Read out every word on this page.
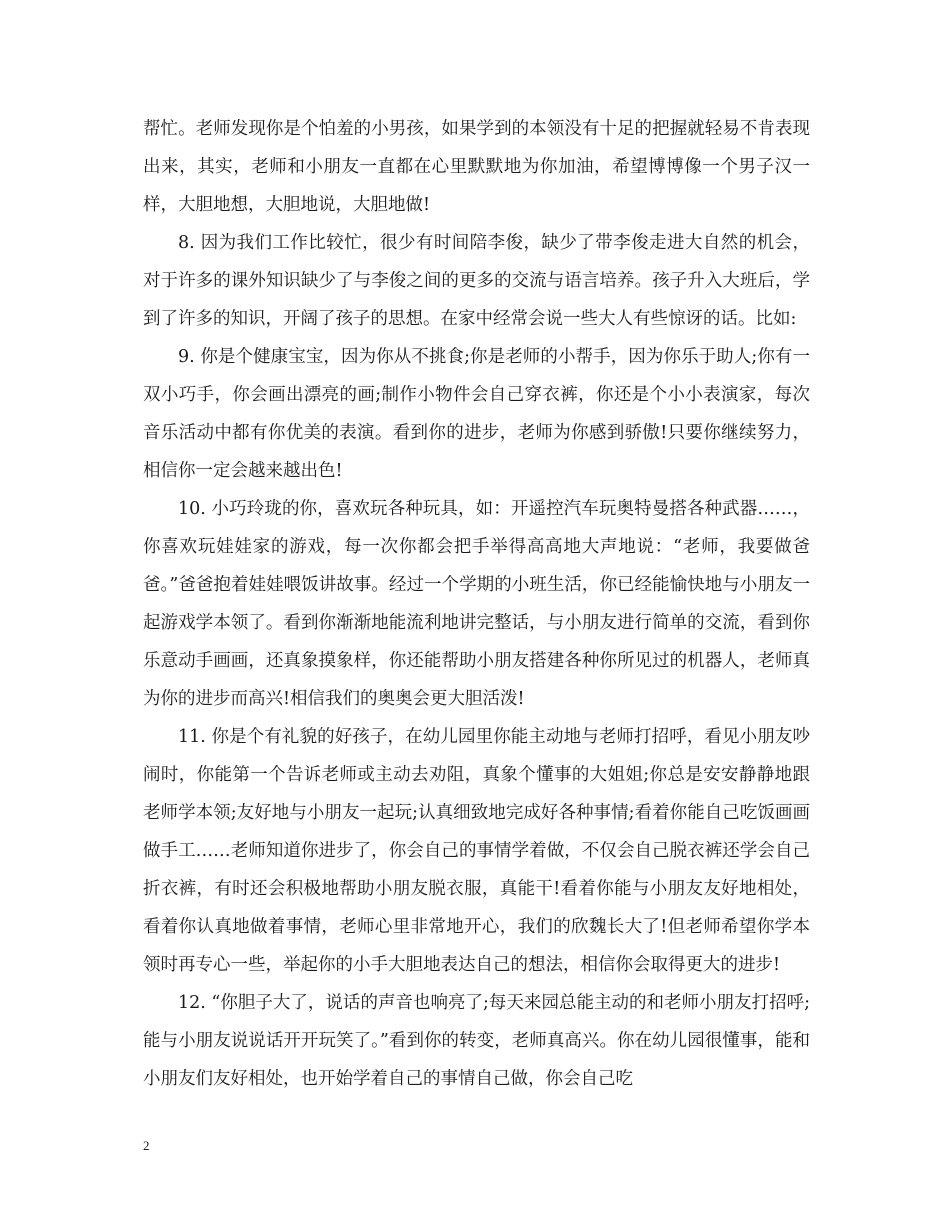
帮忙。老师发现你是个怕羞的小男孩，如果学到的本领没有十足的把握就轻易不肯表现出来，其实，老师和小朋友一直都在心里默默地为你加油，希望博博像一个男子汉一样，大胆地想，大胆地说，大胆地做!

8. 因为我们工作比较忙，很少有时间陪李俊，缺少了带李俊走进大自然的机会，对于许多的课外知识缺少了与李俊之间的更多的交流与语言培养。孩子升入大班后，学到了许多的知识，开阔了孩子的思想。在家中经常会说一些大人有些惊讶的话。比如:

9. 你是个健康宝宝，因为你从不挑食;你是老师的小帮手，因为你乐于助人;你有一双小巧手，你会画出漂亮的画;制作小物件会自己穿衣裤，你还是个小小表演家，每次音乐活动中都有你优美的表演。看到你的进步，老师为你感到骄傲!只要你继续努力，相信你一定会越来越出色!

10. 小巧玲珑的你，喜欢玩各种玩具，如：开遥控汽车玩奥特曼搭各种武器……，你喜欢玩娃娃家的游戏，每一次你都会把手举得高高地大声地说：“老师，我要做爸爸。”爸爸抱着娃娃喂饭讲故事。经过一个学期的小班生活，你已经能愉快地与小朋友一起游戏学本领了。看到你渐渐地能流利地讲完整话，与小朋友进行简单的交流，看到你乐意动手画画，还真象摸象样，你还能帮助小朋友搭建各种你所见过的机器人，老师真为你的进步而高兴!相信我们的奥奥会更大胆活泼!

11. 你是个有礼貌的好孩子，在幼儿园里你能主动地与老师打招呼，看见小朋友吵闹时，你能第一个告诉老师或主动去劝阻，真象个懂事的大姐姐;你总是安安静静地跟老师学本领;友好地与小朋友一起玩;认真细致地完成好各种事情;看着你能自己吃饭画画做手工……老师知道你进步了，你会自己的事情学着做，不仅会自己脱衣裤还学会自己折衣裤，有时还会积极地帮助小朋友脱衣服，真能干!看着你能与小朋友友好地相处，看着你认真地做着事情，老师心里非常地开心，我们的欣魏长大了!但老师希望你学本领时再专心一些，举起你的小手大胆地表达自己的想法，相信你会取得更大的进步!

12. “你胆子大了，说话的声音也响亮了;每天来园总能主动的和老师小朋友打招呼;能与小朋友说说话开开玩笑了。”看到你的转变，老师真高兴。你在幼儿园很懂事，能和小朋友们友好相处，也开始学着自己的事情自己做，你会自己吃

2
